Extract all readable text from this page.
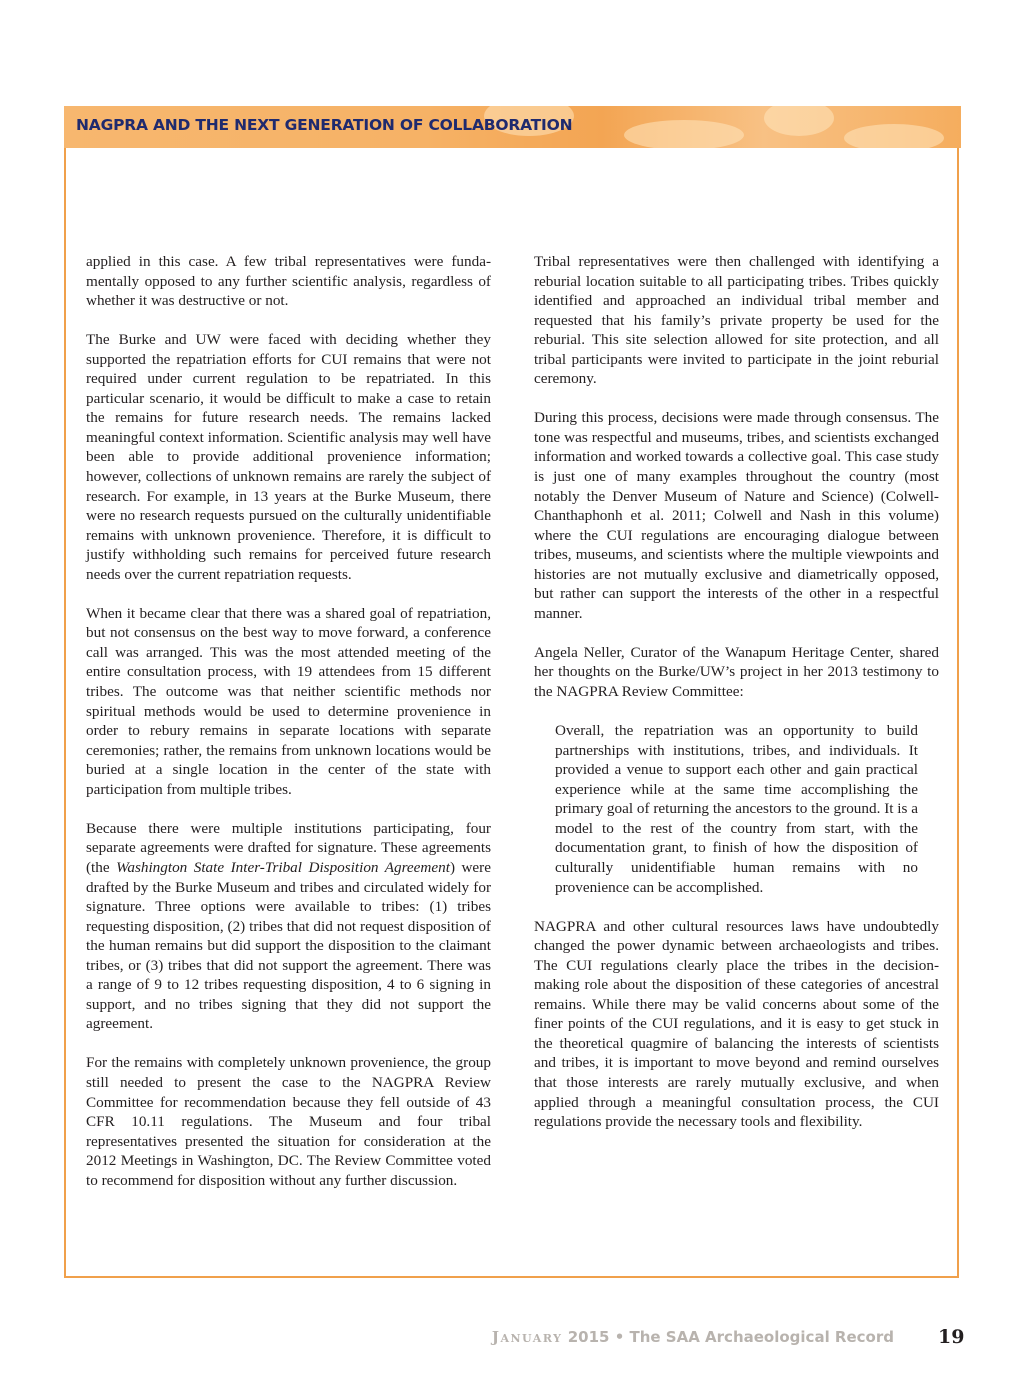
NAGPRA AND THE NEXT GENERATION OF COLLABORATION

applied in this case. A few tribal representatives were fundamentally opposed to any further scientific analysis, regardless of whether it was destructive or not.

The Burke and UW were faced with deciding whether they supported the repatriation efforts for CUI remains that were not required under current regulation to be repatriated. In this particular scenario, it would be difficult to make a case to retain the remains for future research needs. The remains lacked meaningful context information. Scientific analysis may well have been able to provide additional provenience information; however, collections of unknown remains are rarely the subject of research. For example, in 13 years at the Burke Museum, there were no research requests pursued on the culturally unidentifiable remains with unknown provenience. Therefore, it is difficult to justify withholding such remains for perceived future research needs over the current repatriation requests.

When it became clear that there was a shared goal of repatriation, but not consensus on the best way to move forward, a conference call was arranged. This was the most attended meeting of the entire consultation process, with 19 attendees from 15 different tribes. The outcome was that neither scientific methods nor spiritual methods would be used to determine provenience in order to rebury remains in separate locations with separate ceremonies; rather, the remains from unknown locations would be buried at a single location in the center of the state with participation from multiple tribes.

Because there were multiple institutions participating, four separate agreements were drafted for signature. These agreements (the Washington State Inter-Tribal Disposition Agreement) were drafted by the Burke Museum and tribes and circulated widely for signature. Three options were available to tribes: (1) tribes requesting disposition, (2) tribes that did not request disposition of the human remains but did support the disposition to the claimant tribes, or (3) tribes that did not support the agreement. There was a range of 9 to 12 tribes requesting disposition, 4 to 6 signing in support, and no tribes signing that they did not support the agreement.

For the remains with completely unknown provenience, the group still needed to present the case to the NAGPRA Review Committee for recommendation because they fell outside of 43 CFR 10.11 regulations. The Museum and four tribal representatives presented the situation for consideration at the 2012 Meetings in Washington, DC. The Review Committee voted to recommend for disposition without any further discussion.

Tribal representatives were then challenged with identifying a reburial location suitable to all participating tribes. Tribes quickly identified and approached an individual tribal member and requested that his family’s private property be used for the reburial. This site selection allowed for site protection, and all tribal participants were invited to participate in the joint reburial ceremony.

During this process, decisions were made through consensus. The tone was respectful and museums, tribes, and scientists exchanged information and worked towards a collective goal. This case study is just one of many examples throughout the country (most notably the Denver Museum of Nature and Science) (Colwell-Chanthaphonh et al. 2011; Colwell and Nash in this volume) where the CUI regulations are encouraging dialogue between tribes, museums, and scientists where the multiple viewpoints and histories are not mutually exclusive and diametrically opposed, but rather can support the interests of the other in a respectful manner.

Angela Neller, Curator of the Wanapum Heritage Center, shared her thoughts on the Burke/UW’s project in her 2013 testimony to the NAGPRA Review Committee:

Overall, the repatriation was an opportunity to build partnerships with institutions, tribes, and individuals. It provided a venue to support each other and gain practical experience while at the same time accomplishing the primary goal of returning the ancestors to the ground. It is a model to the rest of the country from start, with the documentation grant, to finish of how the disposition of culturally unidentifiable human remains with no provenience can be accomplished.

NAGPRA and other cultural resources laws have undoubtedly changed the power dynamic between archaeologists and tribes. The CUI regulations clearly place the tribes in the decision-making role about the disposition of these categories of ancestral remains. While there may be valid concerns about some of the finer points of the CUI regulations, and it is easy to get stuck in the theoretical quagmire of balancing the interests of scientists and tribes, it is important to move beyond and remind ourselves that those interests are rarely mutually exclusive, and when applied through a meaningful consultation process, the CUI regulations provide the necessary tools and flexibility.

January 2015 • The SAA Archaeological Record 19
